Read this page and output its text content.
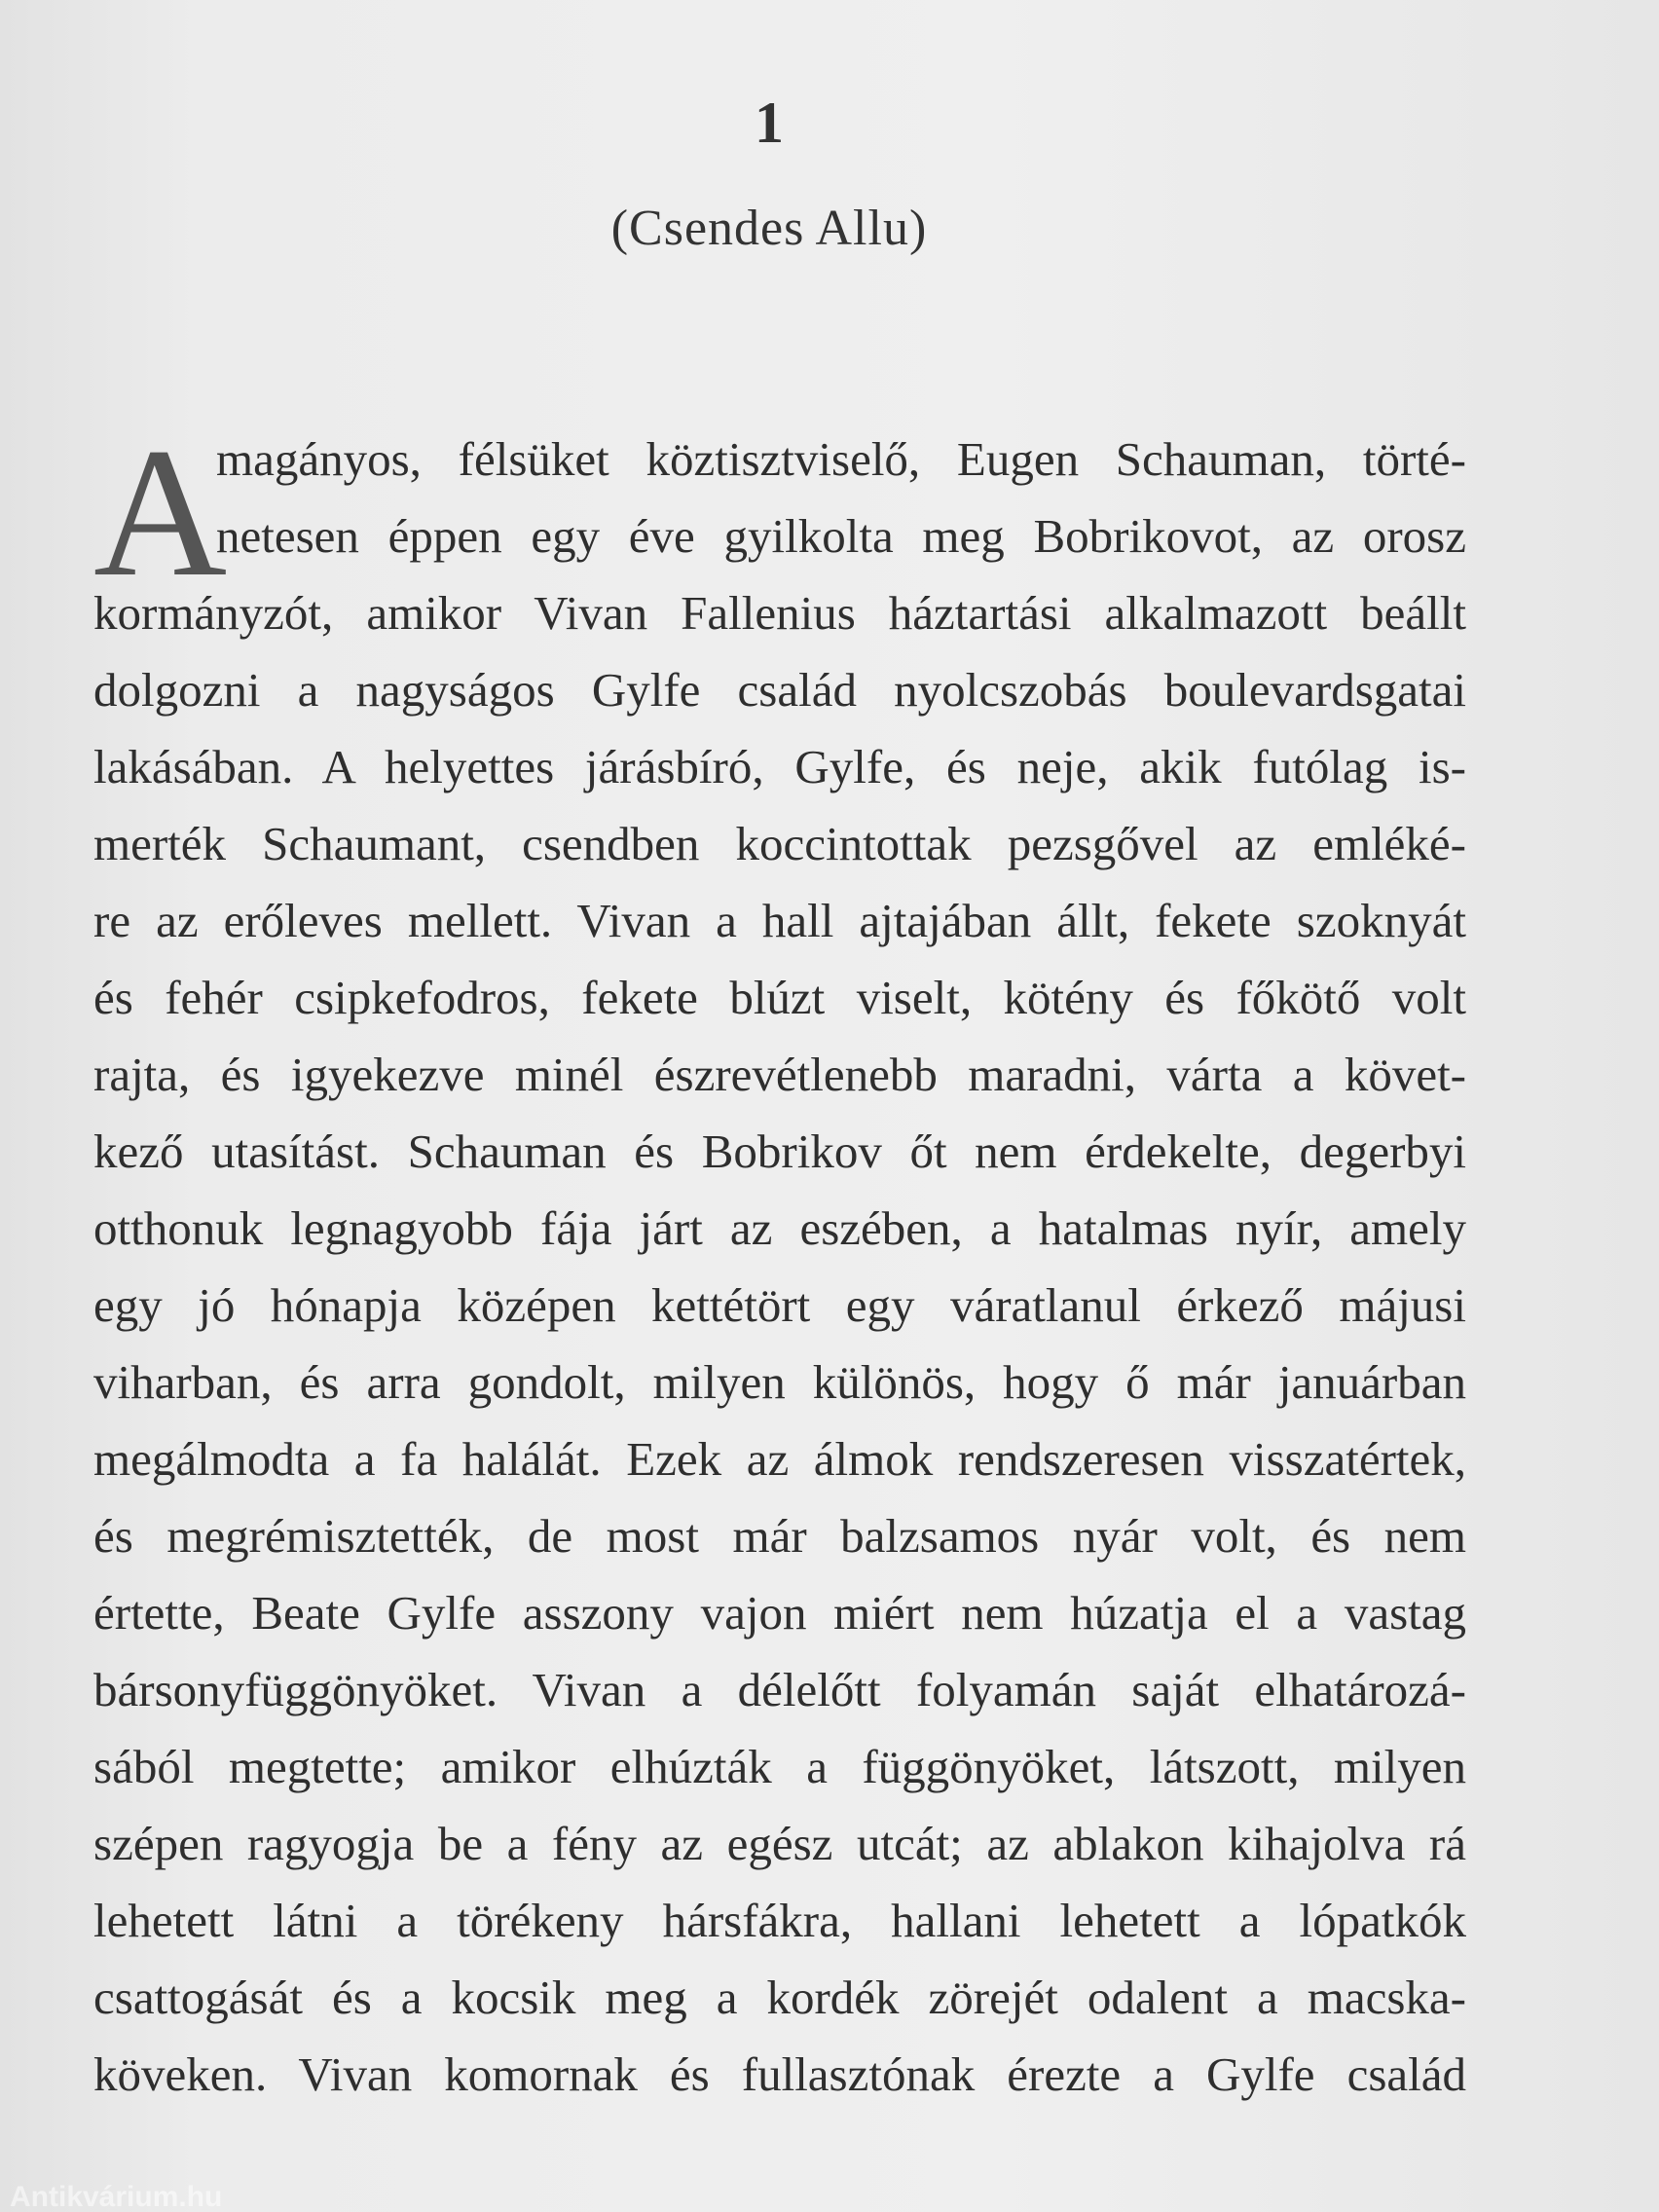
1
(Csendes Allu)
A
magányos, félsüket köztisztviselő, Eugen Schauman, törté-
netesen éppen egy éve gyilkolta meg Bobrikovot, az orosz
kormányzót, amikor Vivan Fallenius háztartási alkalmazott beállt
dolgozni a nagyságos Gylfe család nyolcszobás boulevardsgatai
lakásában. A helyettes járásbíró, Gylfe, és neje, akik futólag is-
merték Schaumant, csendben koccintottak pezsgővel az emléké-
re az erőleves mellett. Vivan a hall ajtajában állt, fekete szoknyát
és fehér csipkefodros, fekete blúzt viselt, kötény és főkötő volt
rajta, és igyekezve minél észrevétlenebb maradni, várta a követ-
kező utasítást. Schauman és Bobrikov őt nem érdekelte, degerbyi
otthonuk legnagyobb fája járt az eszében, a hatalmas nyír, amely
egy jó hónapja középen kettétört egy váratlanul érkező májusi
viharban, és arra gondolt, milyen különös, hogy ő már januárban
megálmodta a fa halálát. Ezek az álmok rendszeresen visszatértek,
és megrémisztették, de most már balzsamos nyár volt, és nem
értette, Beate Gylfe asszony vajon miért nem húzatja el a vastag
bársonyfüggönyöket. Vivan a délelőtt folyamán saját elhatározá-
sából megtette; amikor elhúzták a függönyöket, látszott, milyen
szépen ragyogja be a fény az egész utcát; az ablakon kihajolva rá
lehetett látni a törékeny hársfákra, hallani lehetett a lópatkók
csattogását és a kocsik meg a kordék zörejét odalent a macska-
köveken. Vivan komornak és fullasztónak érezte a Gylfe család
Antikvárium.hu
